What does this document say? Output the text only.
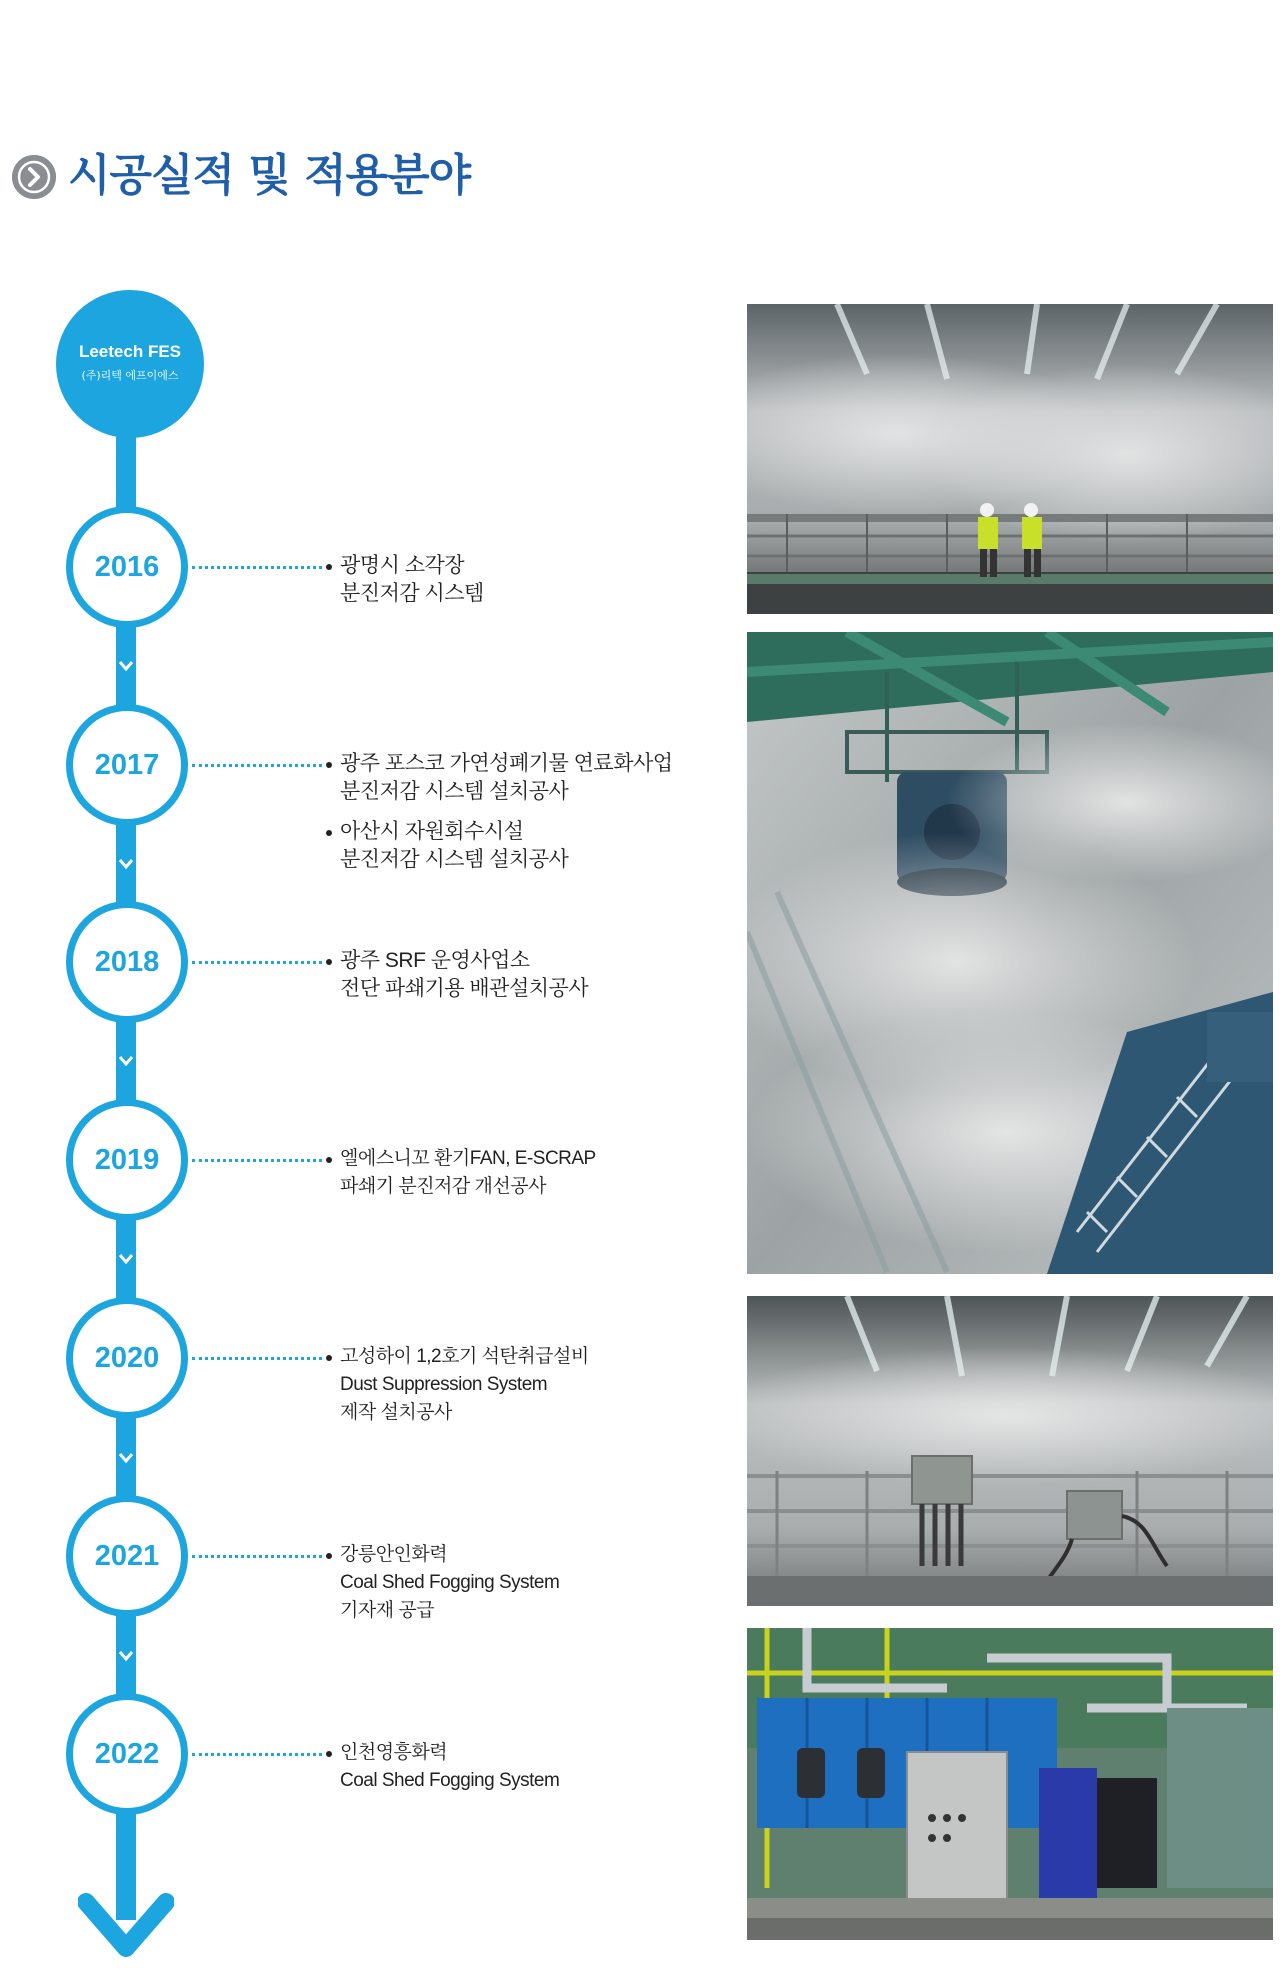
시공실적 및 적용분야
Leetech FES
(주)리텍 에프이에스
2016	광명시 소각장
분진저감 시스템
2017	광주 포스코 가연성폐기물 연료화사업
분진저감 시스템 설치공사
아산시 자원회수시설
분진저감 시스템 설치공사
2018	광주 SRF 운영사업소
전단 파쇄기용 배관설치공사
2019	엘에스니꼬 환기FAN, E-SCRAP
파쇄기 분진저감 개선공사
2020	고성하이 1,2호기 석탄취급설비
Dust Suppression System
제작 설치공사
2021	강릉안인화력
Coal Shed Fogging System
기자재 공급
2022	인천영흥화력
Coal Shed Fogging System
